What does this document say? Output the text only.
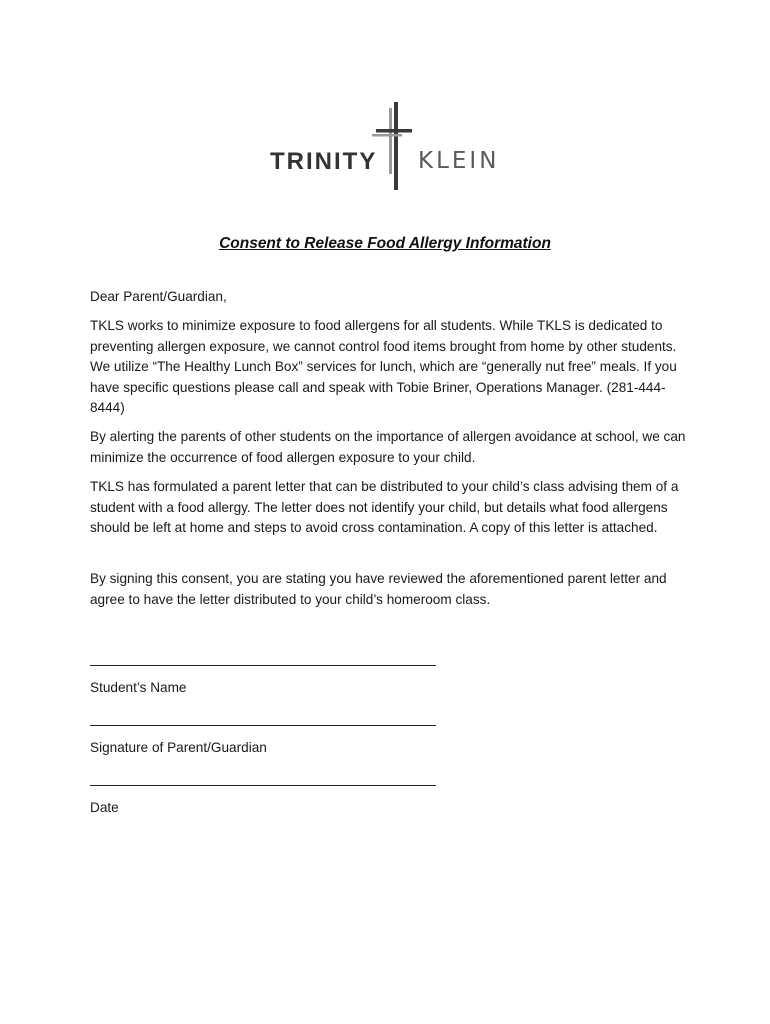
TRINITY KLEIN
Consent to Release Food Allergy Information
Dear Parent/Guardian,
TKLS works to minimize exposure to food allergens for all students. While TKLS is dedicated to preventing allergen exposure, we cannot control food items brought from home by other students. We utilize “The Healthy Lunch Box” services for lunch, which are “generally nut free” meals. If you have specific questions please call and speak with Tobie Briner, Operations Manager. (281-444-8444)
By alerting the parents of other students on the importance of allergen avoidance at school, we can minimize the occurrence of food allergen exposure to your child.
TKLS has formulated a parent letter that can be distributed to your child’s class advising them of a student with a food allergy. The letter does not identify your child, but details what food allergens should be left at home and steps to avoid cross contamination. A copy of this letter is attached.
By signing this consent, you are stating you have reviewed the aforementioned parent letter and agree to have the letter distributed to your child’s homeroom class.
Student’s Name
Signature of Parent/Guardian
Date
